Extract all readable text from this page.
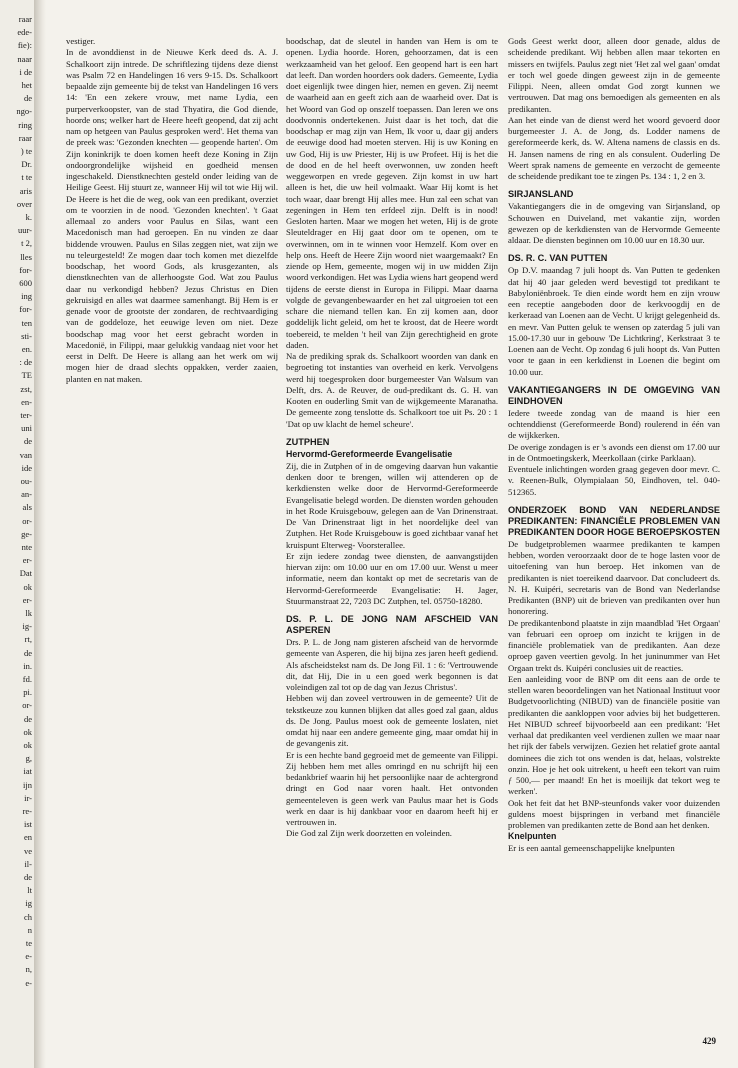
raar
ede-
fie):
naar
i de
het
de
ngo-
ring
raar
) te
Dr.
t te
aris
over
k.
uur-
t 2,
lles
for-
600
ing
for-
ten
sti-
en.
: de
TE
zst,
en-
ter-
uni
de
van
ide
ou-
an-
als
or-
ge-
nte
er-
Dat
ok
er-
lk
ig-
rt,
de
in.
fd.
pi.
or-
de
ok
ok
g,
iat
ijn
ir-
re-
ist
en
ve
il-
de
lt
ig
ch
n
te
e-
n,
e-

vestiger.

In de avonddienst in de Nieuwe Kerk deed ds. A. J. Schalkoort zijn intrede. De schriftlezing tijdens deze dienst was Psalm 72 en Handelingen 16 vers 9-15. Ds. Schalkoort bepaalde zijn gemeente bij de tekst van Handelingen 16 vers 14: 'En een zekere vrouw, met name Lydia, een purperverkoopster, van de stad Thyatira, die God diende, hoorde ons; welker hart de Heere heeft geopend, dat zij acht nam op hetgeen van Paulus gesproken werd'. Het thema van de preek was: 'Gezonden knechten — geopende harten'. Om Zijn koninkrijk te doen komen heeft deze Koning in Zijn ondoorgrondelijke wijsheid en goedheid mensen ingeschakeld. Dienstknechten gesteld onder leiding van de Heilige Geest. Hij stuurt ze, wanneer Hij wil tot wie Hij wil. De Heere is het die de weg, ook van een predikant, overziet om te voorzien in de nood. 'Gezonden knechten'. 't Gaat allemaal zo anders voor Paulus en Silas, want een Macedonisch man had geroepen. En nu vinden ze daar biddende vrouwen. Paulus en Silas zeggen niet, wat zijn we nu teleurgesteld! Ze mogen daar toch komen met diezelfde boodschap, het woord Gods, als krusgezanten, als dienstknechten van de allerhoogste God. Wat zou Paulus daar nu verkondigd hebben? Jezus Christus en Dien gekruisigd en alles wat daarmee samenhangt. Bij Hem is er genade voor de grootste der zondaren, de rechtvaardiging van de goddeloze, het eeuwige leven om niet. Deze boodschap mag voor het eerst gebracht worden in Macedonië, in Filippi, maar gelukkig vandaag niet voor het eerst in Delft. De Heere is allang aan het werk om wij mogen hier de draad slechts oppakken, verder zaaien, planten en nat maken.

boodschap, dat de sleutel in handen van Hem is om te openen. Lydia hoorde. Horen, gehoorzamen, dat is een werkzaamheid van het geloof. Een geopend hart is een hart dat leeft. Dan worden hoorders ook daders. Gemeente, Lydia doet eigenlijk twee dingen hier, nemen en geven. Zij neemt de waarheid aan en geeft zich aan de waarheid over. Dat is het Woord van God op onszelf toepassen. Dan leren we ons doodvonnis ondertekenen. Juist daar is het toch, dat die boodschap er mag zijn van Hem, Ik voor u, daar gij anders de eeuwige dood had moeten sterven. Hij is uw Koning en uw God, Hij is uw Priester, Hij is uw Profeet. Hij is het die de dood en de hel heeft overwonnen, uw zonden heeft weggeworpen en vrede gegeven. Zijn komst in uw hart alleen is het, die uw heil volmaakt. Waar Hij komt is het toch waar, daar brengt Hij alles mee. Hun zal een schat van zegeningen in Hem ten erfdeel zijn. Delft is in nood! Gesloten harten. Maar we mogen het weten, Hij is de grote Sleuteldrager en Hij gaat door om te openen, om te overwinnen, om in te winnen voor Hemzelf. Kom over en help ons. Heeft de Heere Zijn woord niet waargemaakt? En ziende op Hem, gemeente, mogen wij in uw midden Zijn woord verkondigen. Het was Lydia wiens hart geopend werd tijdens de eerste dienst in Europa in Filippi. Maar daarna volgde de gevangenbewaarder en het zal uitgroeien tot een schare die niemand tellen kan. En zij komen aan, door goddelijk licht geleid, om het te kroost, dat de Heere wordt toebereid, te melden 't heil van Zijn gerechtigheid en grote daden.

Na de prediking sprak ds. Schalkoort woorden van dank en begroeting tot instanties van overheid en kerk. Vervolgens werd hij toegesproken door burgemeester Van Walsum van Delft, drs. A. de Reuver, de oud-predikant ds. G. H. van Kooten en ouderling Smit van de wijkgemeente Maranatha. De gemeente zong tenslotte ds. Schalkoort toe uit Ps. 20 : 1 'Dat op uw klacht de hemel scheure'.

ZUTPHEN
Hervormd-Gereformeerde Evangelisatie

Zij, die in Zutphen of in de omgeving daarvan hun vakantie denken door te brengen, willen wij attenderen op de kerkdiensten welke door de Hervormd-Gereformeerde Evangelisatie belegd worden. De diensten worden gehouden in het Rode Kruisgebouw, gelegen aan de Van Drinenstraat. De Van Drinenstraat ligt in het noordelijke deel van Zutphen. Het Rode Kruisgebouw is goed zichtbaar vanaf het kruispunt Elterweg- Voorsterallee.

Er zijn iedere zondag twee diensten, de aanvangstijden hiervan zijn: om 10.00 uur en om 17.00 uur. Wenst u meer informatie, neem dan kontakt op met de secretaris van de Hervormd-Gereformeerde Evangelisatie: H. Jager, Stuurmanstraat 22, 7203 DC Zutphen, tel. 05750-18280.

DS. P. L. DE JONG NAM AFSCHEID VAN ASPEREN

Drs. P. L. de Jong nam gisteren afscheid van de hervormde gemeente van Asperen, die hij bijna zes jaren heeft gediend. Als afscheidstekst nam ds. De Jong Fil. 1 : 6: 'Vertrouwende dit, dat Hij, Die in u een goed werk begonnen is dat voleindigen zal tot op de dag van Jezus Christus'.

Hebben wij dan zoveel vertrouwen in de gemeente? Uit de tekstkeuze zou kunnen blijken dat alles goed zal gaan, aldus ds. De Jong. Paulus moest ook de gemeente loslaten, niet omdat hij naar een andere gemeente ging, maar omdat hij in de gevangenis zit.

Er is een hechte band gegroeid met de gemeente van Filippi. Zij hebben hem met alles omringd en nu schrijft hij een bedankbrief waarin hij het persoonlijke naar de achtergrond dringt en God naar voren haalt. Het ontvonden gemeenteleven is geen werk van Paulus maar het is Gods werk en daar is hij dankbaar voor en daarom heeft hij er vertrouwen in.

Die God zal Zijn werk doorzetten en voleinden.

Gods Geest werkt door, alleen door genade, aldus de scheidende predikant. Wij hebben allen maar tekorten en missers en twijfels. Paulus zegt niet 'Het zal wel gaan' omdat er toch wel goede dingen geweest zijn in de gemeente Filippi. Neen, alleen omdat God zorgt kunnen we vertrouwen. Dat mag ons bemoedigen als gemeenten en als predikanten.

Aan het einde van de dienst werd het woord gevoerd door burgemeester J. A. de Jong, ds. Lodder namens de gereformeerde kerk, ds. W. Altena namens de classis en ds. H. Jansen namens de ring en als consulent. Ouderling De Weert sprak namens de gemeente en verzocht de gemeente de scheidende predikant toe te zingen Ps. 134 : 1, 2 en 3.

SIRJANSLAND

Vakantiegangers die in de omgeving van Sirjansland, op Schouwen en Duiveland, met vakantie zijn, worden gewezen op de kerkdiensten van de Hervormde Gemeente aldaar. De diensten beginnen om 10.00 uur en 18.30 uur.

DS. R. C. VAN PUTTEN

Op D.V. maandag 7 juli hoopt ds. Van Putten te gedenken dat hij 40 jaar geleden werd bevestigd tot predikant te Babyloniënbroek. Te dien einde wordt hem en zijn vrouw een receptie aangeboden door de kerkvoogdij en de kerkeraad van Loenen aan de Vecht. U krijgt gelegenheid ds. en mevr. Van Putten geluk te wensen op zaterdag 5 juli van 15.00-17.30 uur in gebouw 'De Lichtkring', Kerkstraat 3 te Loenen aan de Vecht. Op zondag 6 juli hoopt ds. Van Putten voor te gaan in een kerkdienst in Loenen die begint om 10.00 uur.

VAKANTIEGANGERS IN DE OMGEVING VAN EINDHOVEN

Iedere tweede zondag van de maand is hier een ochtenddienst (Gereformeerde Bond) roulerend in één van de wijkkerken.

De overige zondagen is er 's avonds een dienst om 17.00 uur in de Ontmoetingskerk, Meerkollaan (cirke Parklaan).

Eventuele inlichtingen worden graag gegeven door mevr. C. v. Reenen-Bulk, Olympialaan 50, Eindhoven, tel. 040-512365.

ONDERZOEK BOND VAN NEDERLANDSE PREDIKANTEN: FINANCIËLE PROBLEMEN VAN PREDIKANTEN DOOR HOGE BEROEPSKOSTEN

De budgetproblemen waarmee predikanten te kampen hebben, worden veroorzaakt door de te hoge lasten voor de uitoefening van hun beroep. Het inkomen van de predikanten is niet toereikend daarvoor. Dat concludeert ds. N. H. Kuipéri, secretaris van de Bond van Nederlandse Predikanten (BNP) uit de brieven van predikanten over hun honorering.

De predikantenbond plaatste in zijn maandblad 'Het Orgaan' van februari een oproep om inzicht te krijgen in de financiële problematiek van de predikanten. Aan deze oproep gaven veertien gevolg. In het juninummer van Het Orgaan trekt ds. Kuipéri conclusies uit de reacties.

Een aanleiding voor de BNP om dit eens aan de orde te stellen waren beoordelingen van het Nationaal Instituut voor Budgetvoorlichting (NIBUD) van de financiële positie van predikanten die aankloppen voor advies bij het budgetteren. Het NIBUD schreef bijvoorbeeld aan een predikant: 'Het verhaal dat predikanten veel verdienen zullen we maar naar het rijk der fabels verwijzen. Gezien het relatief grote aantal dominees die zich tot ons wenden is dat, helaas, volstrekte onzin. Hoe je het ook uitrekent, u heeft een tekort van ruim ƒ 500,— per maand! En het is moeilijk dat tekort weg te werken'.

Ook het feit dat het BNP-steunfonds vaker voor duizenden guldens moest bijspringen in verband met financiële problemen van predikanten zette de Bond aan het denken.

Knelpunten

Er is een aantal gemeenschappelijke knelpunten

429
